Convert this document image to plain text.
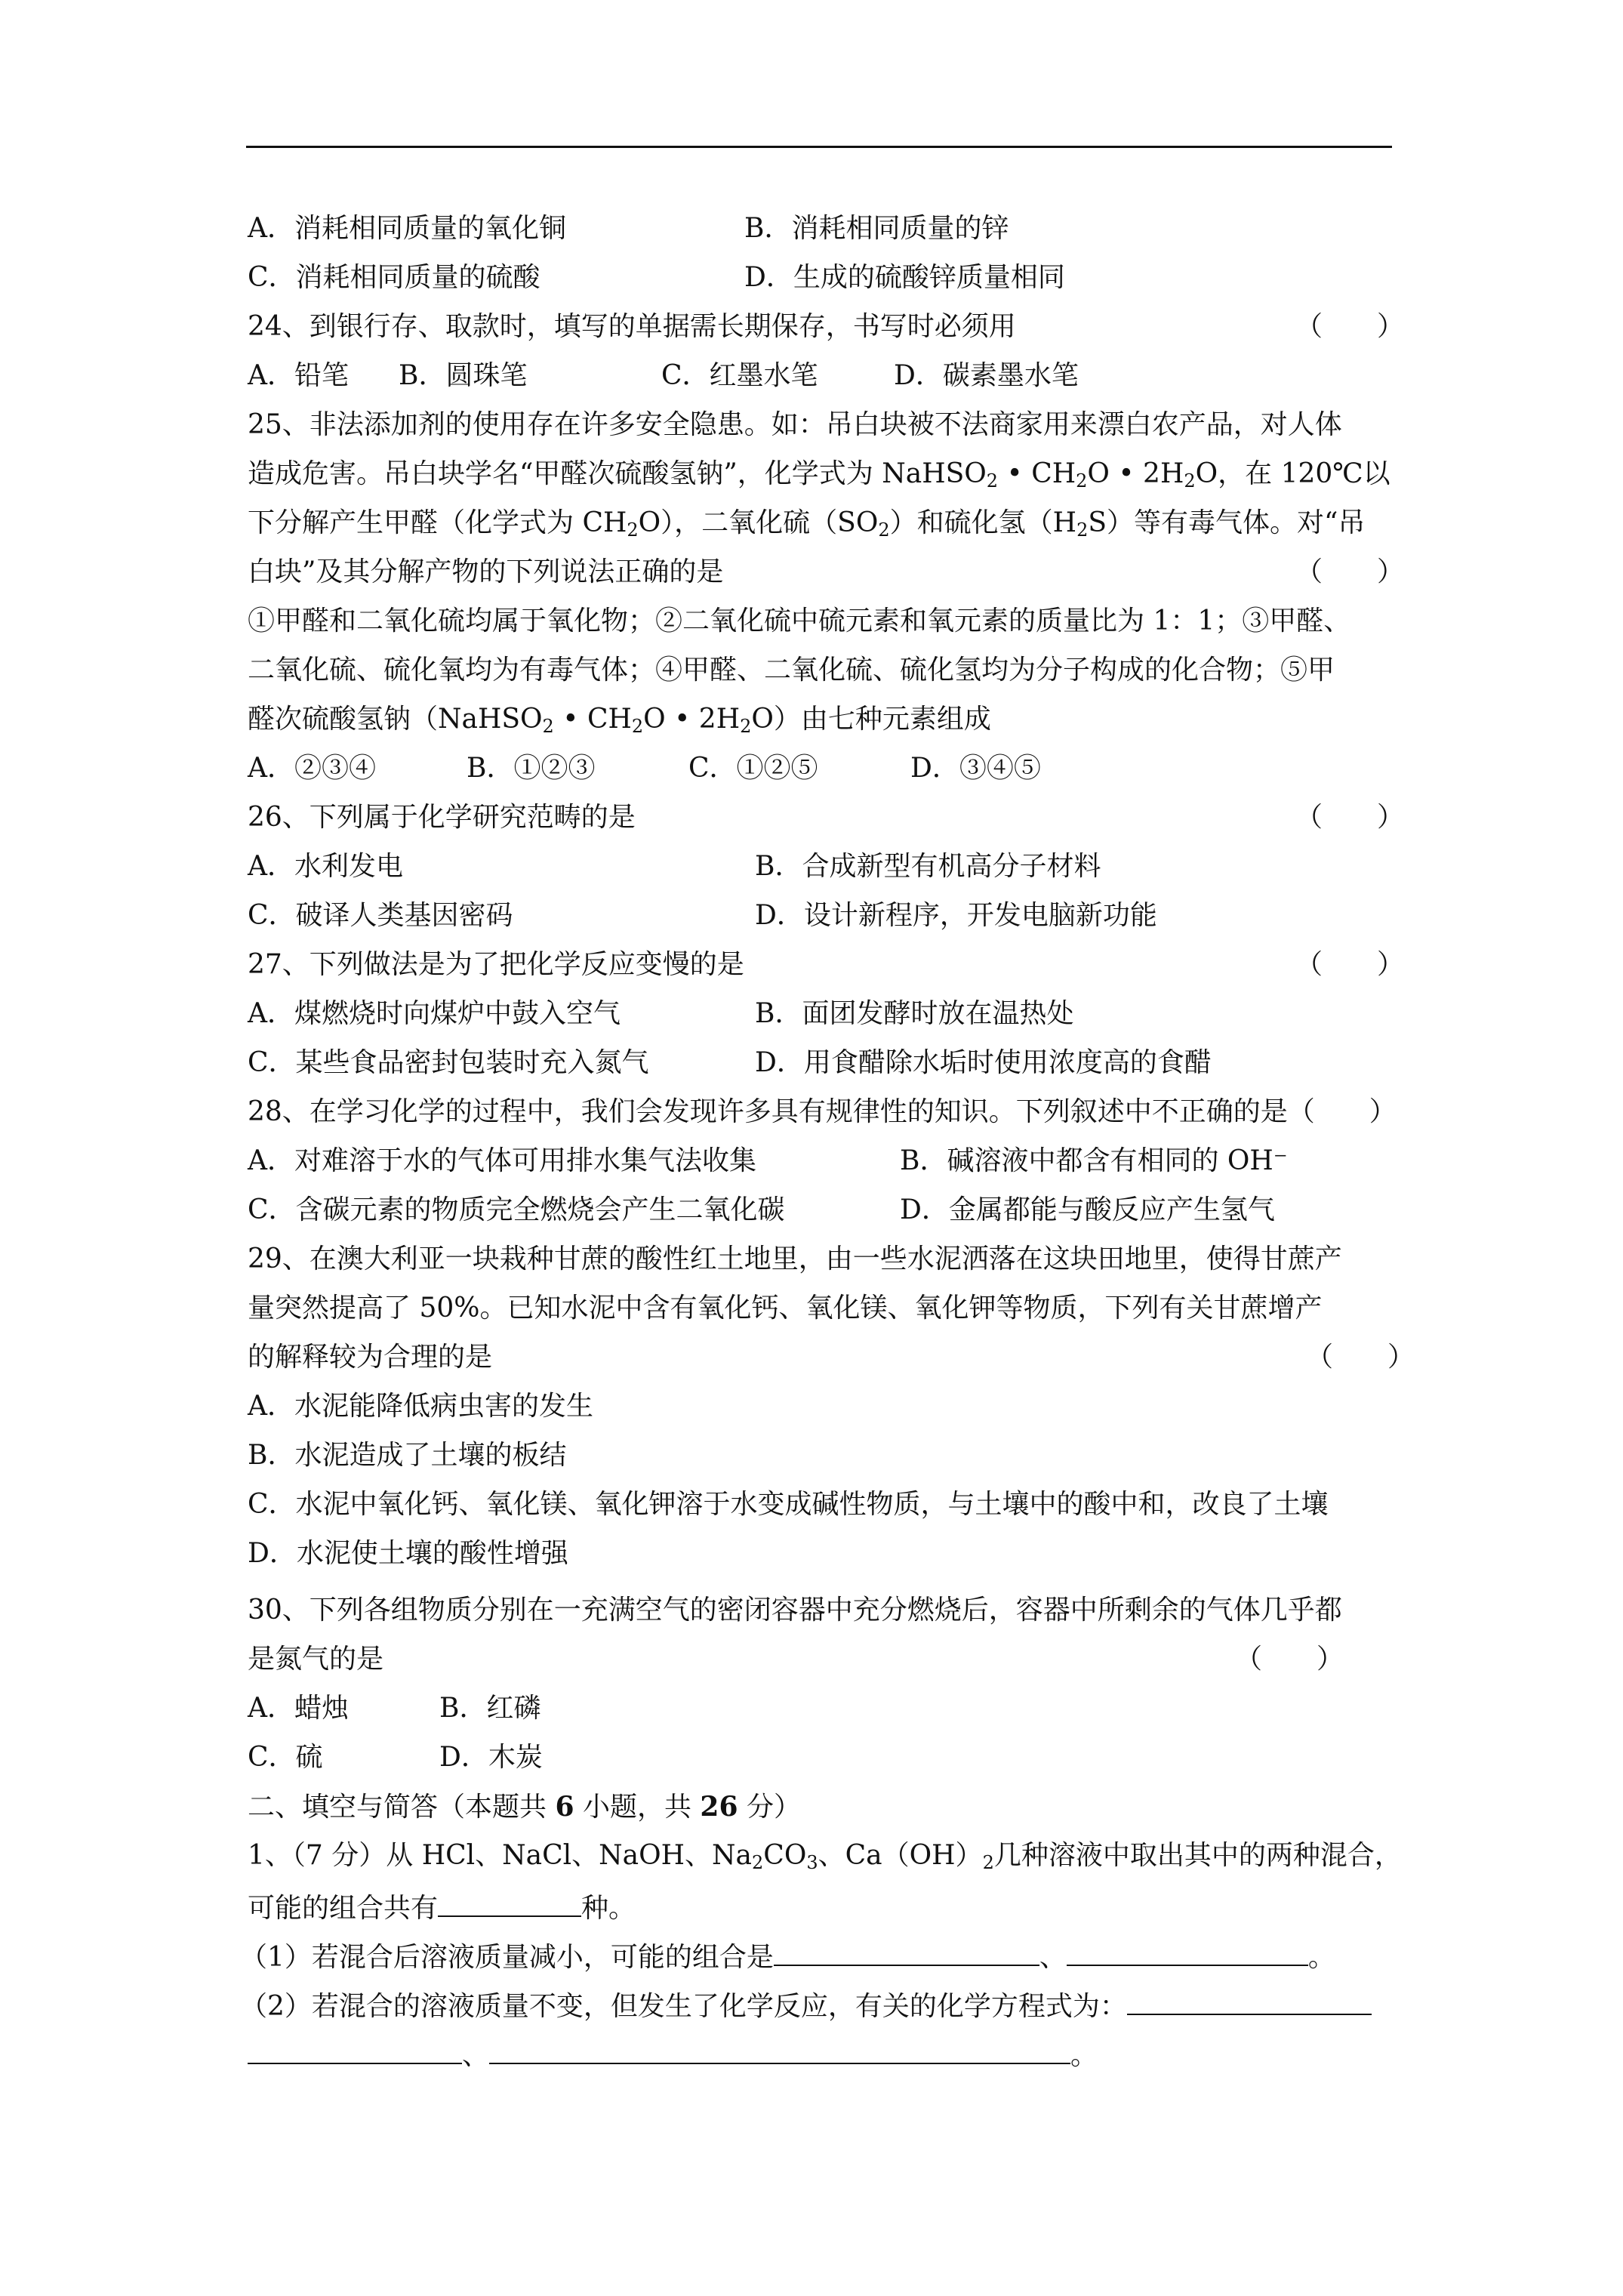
A．消耗相同质量的氧化铜	B．消耗相同质量的锌
C．消耗相同质量的硫酸	D．生成的硫酸锌质量相同
24、到银行存、取款时，填写的单据需长期保存，书写时必须用	（　　）
A．铅笔 B．圆珠笔	C．红墨水笔	D．碳素墨水笔
25、非法添加剂的使用存在许多安全隐患。如：吊白块被不法商家用来漂白农产品，对人体
造成危害。吊白块学名“甲醛次硫酸氢钠”，化学式为 NaHSO$_2$ • $CH_2O$ • $2H_2O$，在 120℃以
下分解产生甲醛（化学式为 $CH_2O$），二氧化硫$(SO_2)$和硫化氢$(H_2S)$等有毒气体。对“吊
白块”及其分解产物的下列说法正确的是	（　　）
①甲醛和二氧化硫均属于氧化物；②二氧化硫中硫元素和氧元素的质量比为 1：1；③甲醛、
二氧化硫、硫化氧均为有毒气体；④甲醛、二氧化硫、硫化氢均为分子构成的化合物；⑤甲
醛次硫酸氢钠（NaHSO$_2$ • $CH_2O$ • $2H_2O$）由七种元素组成
A．②③④	B．①②③	C．①②⑤	D．③④⑤
26、下列属于化学研究范畴的是	（　　）
A．水利发电	B．合成新型有机高分子材料
C．破译人类基因密码	D．设计新程序，开发电脑新功能
27、下列做法是为了把化学反应变慢的是	（　　）
A．煤燃烧时向煤炉中鼓入空气	B．面团发酵时放在温热处
C．某些食品密封包装时充入氮气	D．用食醋除水垢时使用浓度高的食醋
28、在学习化学的过程中，我们会发现许多具有规律性的知识。下列叙述中不正确的是（　　）
A．对难溶于水的气体可用排水集气法收集	B．碱溶液中都含有相同的 OH⁻
C．含碳元素的物质完全燃烧会产生二氧化碳	D．金属都能与酸反应产生氢气
29、在澳大利亚一块栽种甘蔗的酸性红土地里，由一些水泥洒落在这块田地里，使得甘蔗产
量突然提高了 50%。已知水泥中含有氧化钙、氧化镁、氧化钾等物质，下列有关甘蔗增产
的解释较为合理的是	（　　）
A．水泥能降低病虫害的发生
B．水泥造成了土壤的板结
C．水泥中氧化钙、氧化镁、氧化钾溶于水变成碱性物质，与土壤中的酸中和，改良了土壤
D．水泥使土壤的酸性增强
30、下列各组物质分别在一充满空气的密闭容器中充分燃烧后，容器中所剩余的气体几乎都
是氮气的是	（　　）
A．蜡烛	B．红磷
C．硫	D．木炭
二、填空与简答（本题共 6 小题，共 26 分）
1、（7 分）从 HCl、NaCl、NaOH、$Na_2CO_3$、$Ca(OH)_2$几种溶液中取出其中的两种混合，
可能的组合共有	种。
（1）若混合后溶液质量减小，可能的组合是	、	。
（2）若混合的溶液质量不变，但发生了化学反应，有关的化学方程式为：
、	。
